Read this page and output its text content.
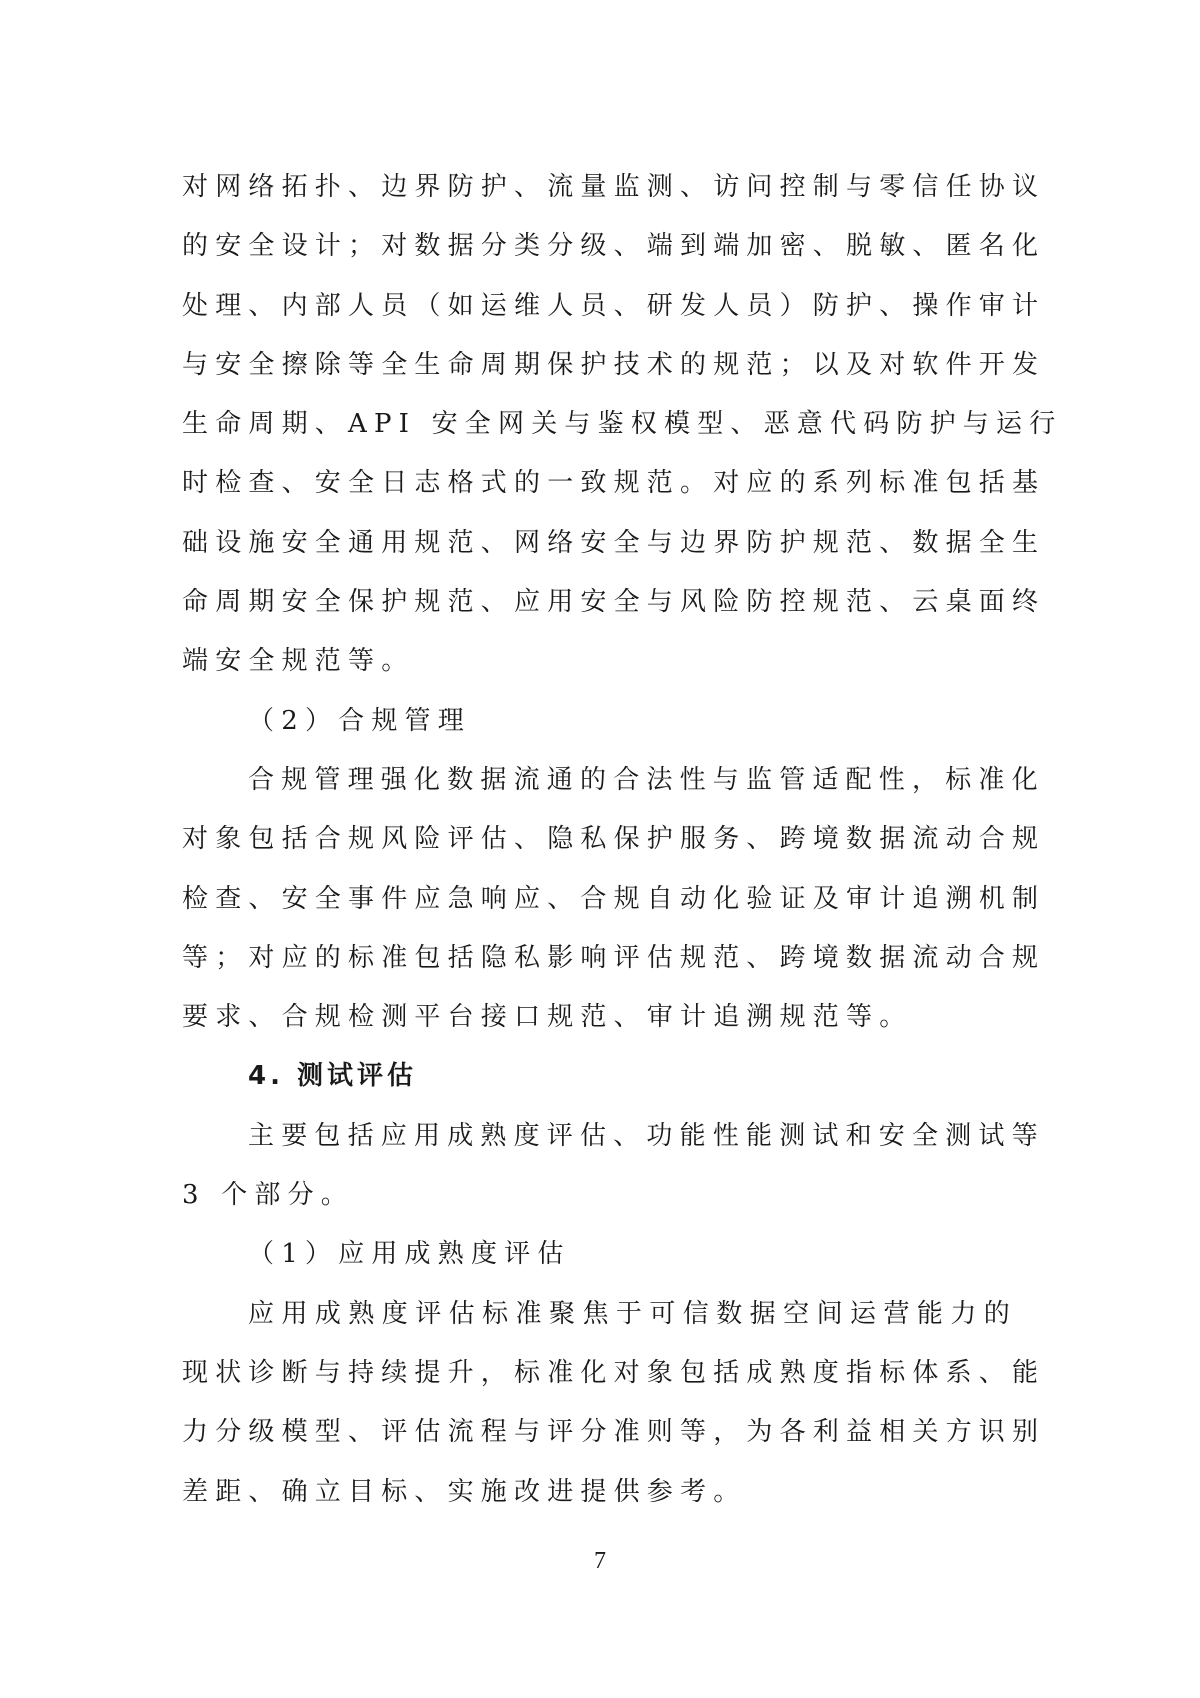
对网络拓扑、边界防护、流量监测、访问控制与零信任协议
的安全设计；对数据分类分级、端到端加密、脱敏、匿名化
处理、内部人员（如运维人员、研发人员）防护、操作审计
与安全擦除等全生命周期保护技术的规范；以及对软件开发
生命周期、API 安全网关与鉴权模型、恶意代码防护与运行
时检查、安全日志格式的一致规范。对应的系列标准包括基
础设施安全通用规范、网络安全与边界防护规范、数据全生
命周期安全保护规范、应用安全与风险防控规范、云桌面终
端安全规范等。
（2）合规管理
合规管理强化数据流通的合法性与监管适配性，标准化
对象包括合规风险评估、隐私保护服务、跨境数据流动合规
检查、安全事件应急响应、合规自动化验证及审计追溯机制
等；对应的标准包括隐私影响评估规范、跨境数据流动合规
要求、合规检测平台接口规范、审计追溯规范等。
4. 测试评估
主要包括应用成熟度评估、功能性能测试和安全测试等
3 个部分。
（1）应用成熟度评估
应用成熟度评估标准聚焦于可信数据空间运营能力的
现状诊断与持续提升，标准化对象包括成熟度指标体系、能
力分级模型、评估流程与评分准则等，为各利益相关方识别
差距、确立目标、实施改进提供参考。
7
